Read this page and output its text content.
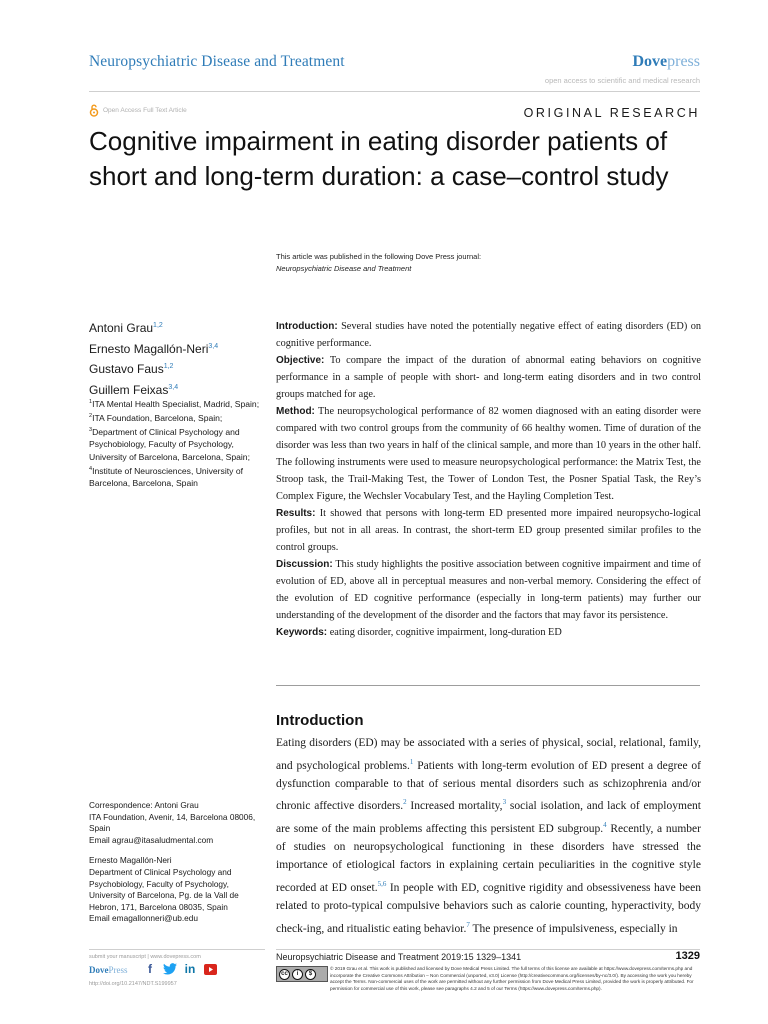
Neuropsychiatric Disease and Treatment	Dovepress
open access to scientific and medical research
Open Access Full Text Article	ORIGINAL RESEARCH
Cognitive impairment in eating disorder patients of short and long-term duration: a case–control study
This article was published in the following Dove Press journal:
Neuropsychiatric Disease and Treatment
Antoni Grau$^{1,2}$
Ernesto Magallón-Neri$^{3,4}$
Gustavo Faus$^{1,2}$
Guillem Feixas$^{3,4}$
$^1$ITA Mental Health Specialist, Madrid, Spain; $^2$ITA Foundation, Barcelona, Spain; $^3$Department of Clinical Psychology and Psychobiology, Faculty of Psychology, University of Barcelona, Barcelona, Spain; $^4$Institute of Neurosciences, University of Barcelona, Barcelona, Spain

Introduction: Several studies have noted the potentially negative effect of eating disorders (ED) on cognitive performance.

Objective: To compare the impact of the duration of abnormal eating behaviors on cognitive performance in a sample of people with short- and long-term eating disorders and in two control groups matched for age.

Method: The neuropsychological performance of 82 women diagnosed with an eating disorder were compared with two control groups from the community of 66 healthy women. Time of duration of the disorder was less than two years in half of the clinical sample, and more than 10 years in the other half. The following instruments were used to measure neuropsychological performance: the Matrix Test, the Stroop task, the Trail-Making Test, the Tower of London Test, the Posner Spatial Task, the Rey’s Complex Figure, the Wechsler Vocabulary Test, and the Hayling Completion Test.

Results: It showed that persons with long-term ED presented more impaired neuropsycho-logical profiles, but not in all areas. In contrast, the short-term ED group presented similar profiles to the control groups.

Discussion: This study highlights the positive association between cognitive impairment and time of evolution of ED, above all in perceptual measures and non-verbal memory. Considering the effect of the evolution of ED cognitive performance (especially in long-term patients) may further our understanding of the development of the disorder and the factors that may favor its persistence.

Keywords: eating disorder, cognitive impairment, long-duration ED

Introduction
Eating disorders (ED) may be associated with a series of physical, social, relational, family, and psychological problems.$^1$ Patients with long-term evolution of ED present a degree of dysfunction comparable to that of serious mental disorders such as schizophrenia and/or chronic affective disorders.$^2$ Increased mortality,$^3$ social isolation, and lack of employment are some of the main problems affecting this persistent ED subgroup.$^4$ Recently, a number of studies on neuropsychological functioning in these disorders have stressed the importance of etiological factors in explaining certain peculiarities in the cognitive style recorded at ED onset.$^{5,6}$ In people with ED, cognitive rigidity and obsessiveness have been related to proto-typical compulsive behaviors such as calorie counting, hyperactivity, body check-ing, and ritualistic eating behavior.$^7$ The presence of impulsiveness, especially in

Correspondence: Antoni Grau
ITA Foundation, Avenir, 14, Barcelona 08006, Spain
Email agrau@itasaludmental.com

Ernesto Magallón-Neri
Department of Clinical Psychology and Psychobiology, Faculty of Psychology, University of Barcelona, Pg. de la Vall de Hebron, 171, Barcelona 08035, Spain
Email emagallonneri@ub.edu

submit your manuscript | www.dovepress.com
DovePress	f	in
http://doi.org/10.2147/NDT.S199957
Neuropsychiatric Disease and Treatment 2019:15 1329–1341	1329
cc	i	$
© 2019 Grau et al. This work is published and licensed by Dove Medical Press Limited. The full terms of this license are available at https://www.dovepress.com/terms.php and incorporate the Creative Commons Attribution – Non Commercial (unported, v3.0) License (http://creativecommons.org/licenses/by-nc/3.0/). By accessing the work you hereby accept the Terms. Non-commercial uses of the work are permitted without any further permission from Dove Medical Press Limited, provided the work is properly attributed. For permission for commercial use of this work, please see paragraphs 4.2 and 5 of our Terms (https://www.dovepress.com/terms.php).
